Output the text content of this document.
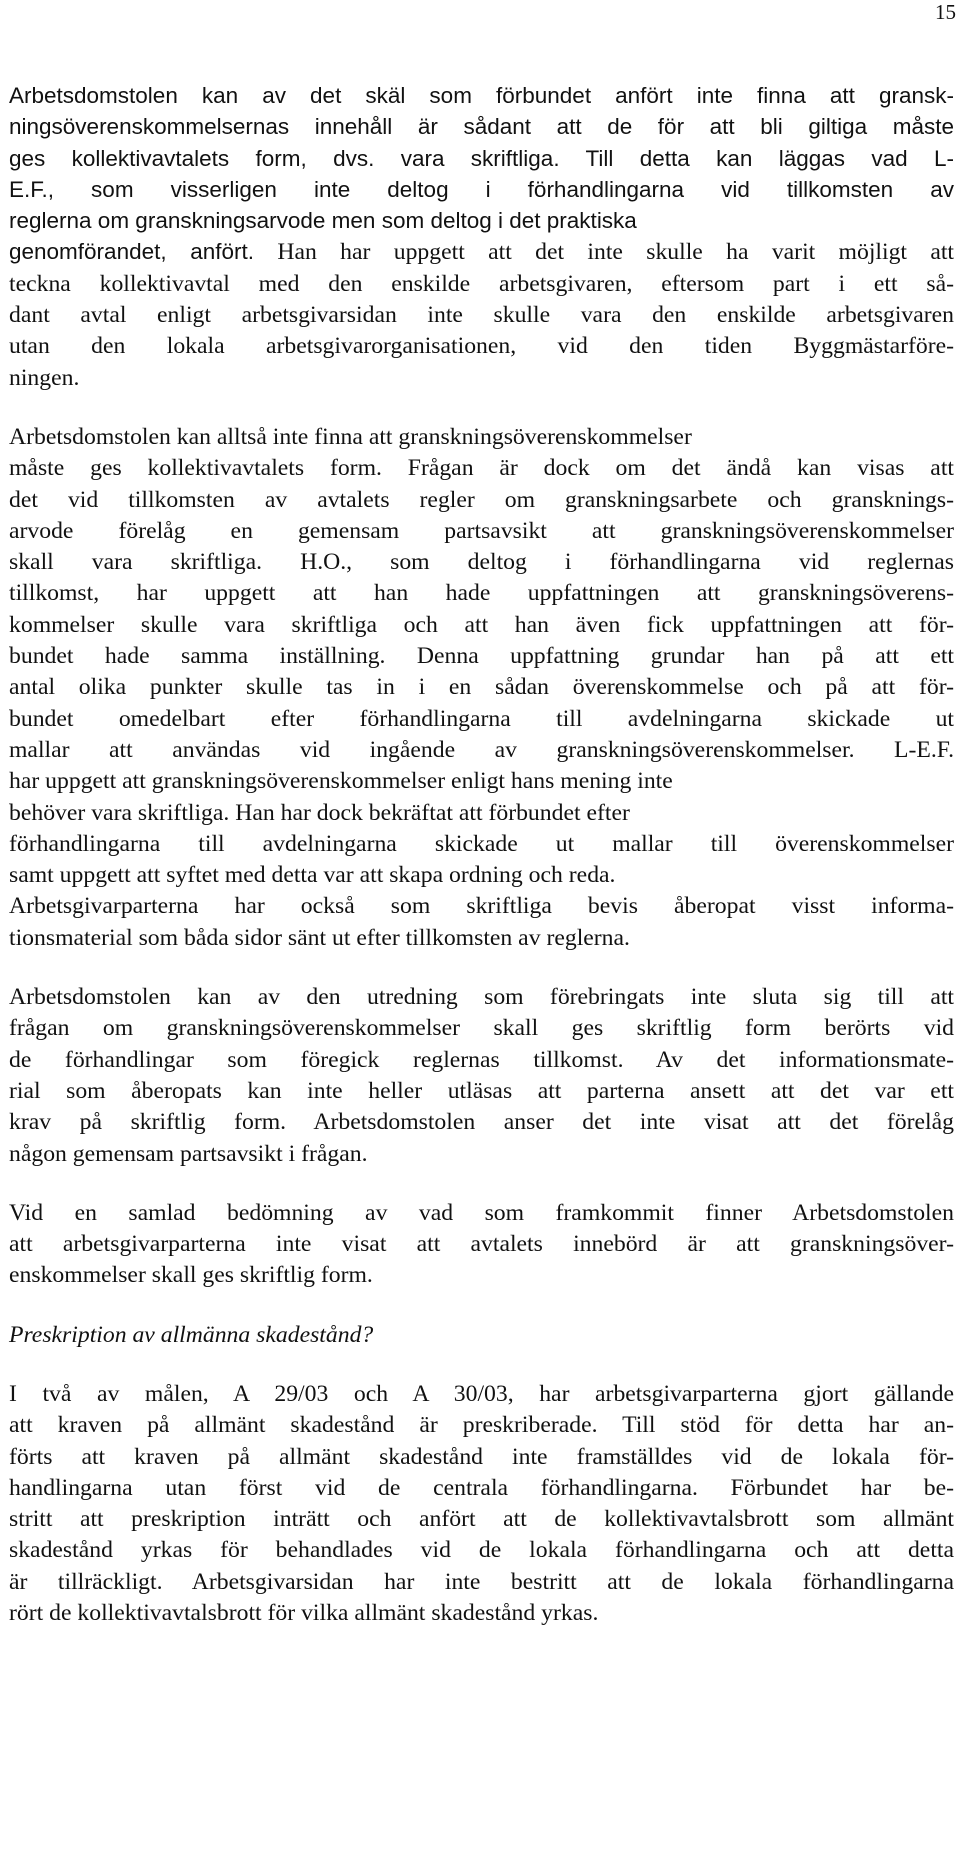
15
Arbetsdomstolen kan av det skäl som förbundet anfört inte finna att gransk-
ningsöverenskommelsernas innehåll är sådant att de för att bli giltiga måste
ges kollektivavtalets form, dvs. vara skriftliga. Till detta kan läggas vad L-
E.F., som visserligen inte deltog i förhandlingarna vid tillkomsten av
reglerna om granskningsarvode men som deltog i det praktiska
genomförandet, anfört. Han har uppgett att det inte skulle ha varit möjligt att
teckna kollektivavtal med den enskilde arbetsgivaren, eftersom part i ett så-
dant avtal enligt arbetsgivarsidan inte skulle vara den enskilde arbetsgivaren
utan den lokala arbetsgivarorganisationen, vid den tiden Byggmästarföre-
ningen.
Arbetsdomstolen kan alltså inte finna att granskningsöverenskommelser
måste ges kollektivavtalets form. Frågan är dock om det ändå kan visas att
det vid tillkomsten av avtalets regler om granskningsarbete och gransknings-
arvode förelåg en gemensam partsavsikt att granskningsöverenskommelser
skall vara skriftliga. H.O., som deltog i förhandlingarna vid reglernas
tillkomst, har uppgett att han hade uppfattningen att granskningsöverens-
kommelser skulle vara skriftliga och att han även fick uppfattningen att för-
bundet hade samma inställning. Denna uppfattning grundar han på att ett
antal olika punkter skulle tas in i en sådan överenskommelse och på att för-
bundet omedelbart efter förhandlingarna till avdelningarna skickade ut
mallar att användas vid ingående av granskningsöverenskommelser. L-E.F.
har uppgett att granskningsöverenskommelser enligt hans mening inte
behöver vara skriftliga. Han har dock bekräftat att förbundet efter
förhandlingarna till avdelningarna skickade ut mallar till överenskommelser
samt uppgett att syftet med detta var att skapa ordning och reda.
Arbetsgivarparterna har också som skriftliga bevis åberopat visst informa-
tionsmaterial som båda sidor sänt ut efter tillkomsten av reglerna.
Arbetsdomstolen kan av den utredning som förebringats inte sluta sig till att
frågan om granskningsöverenskommelser skall ges skriftlig form berörts vid
de förhandlingar som föregick reglernas tillkomst. Av det informationsmate-
rial som åberopats kan inte heller utläsas att parterna ansett att det var ett
krav på skriftlig form. Arbetsdomstolen anser det inte visat att det förelåg
någon gemensam partsavsikt i frågan.
Vid en samlad bedömning av vad som framkommit finner Arbetsdomstolen
att arbetsgivarparterna inte visat att avtalets innebörd är att granskningsöver-
enskommelser skall ges skriftlig form.
Preskription av allmänna skadestånd?
I två av målen, A 29/03 och A 30/03, har arbetsgivarparterna gjort gällande
att kraven på allmänt skadestånd är preskriberade. Till stöd för detta har an-
förts att kraven på allmänt skadestånd inte framställdes vid de lokala för-
handlingarna utan först vid de centrala förhandlingarna. Förbundet har be-
stritt att preskription inträtt och anfört att de kollektivavtalsbrott som allmänt
skadestånd yrkas för behandlades vid de lokala förhandlingarna och att detta
är tillräckligt. Arbetsgivarsidan har inte bestritt att de lokala förhandlingarna
rört de kollektivavtalsbrott för vilka allmänt skadestånd yrkas.
